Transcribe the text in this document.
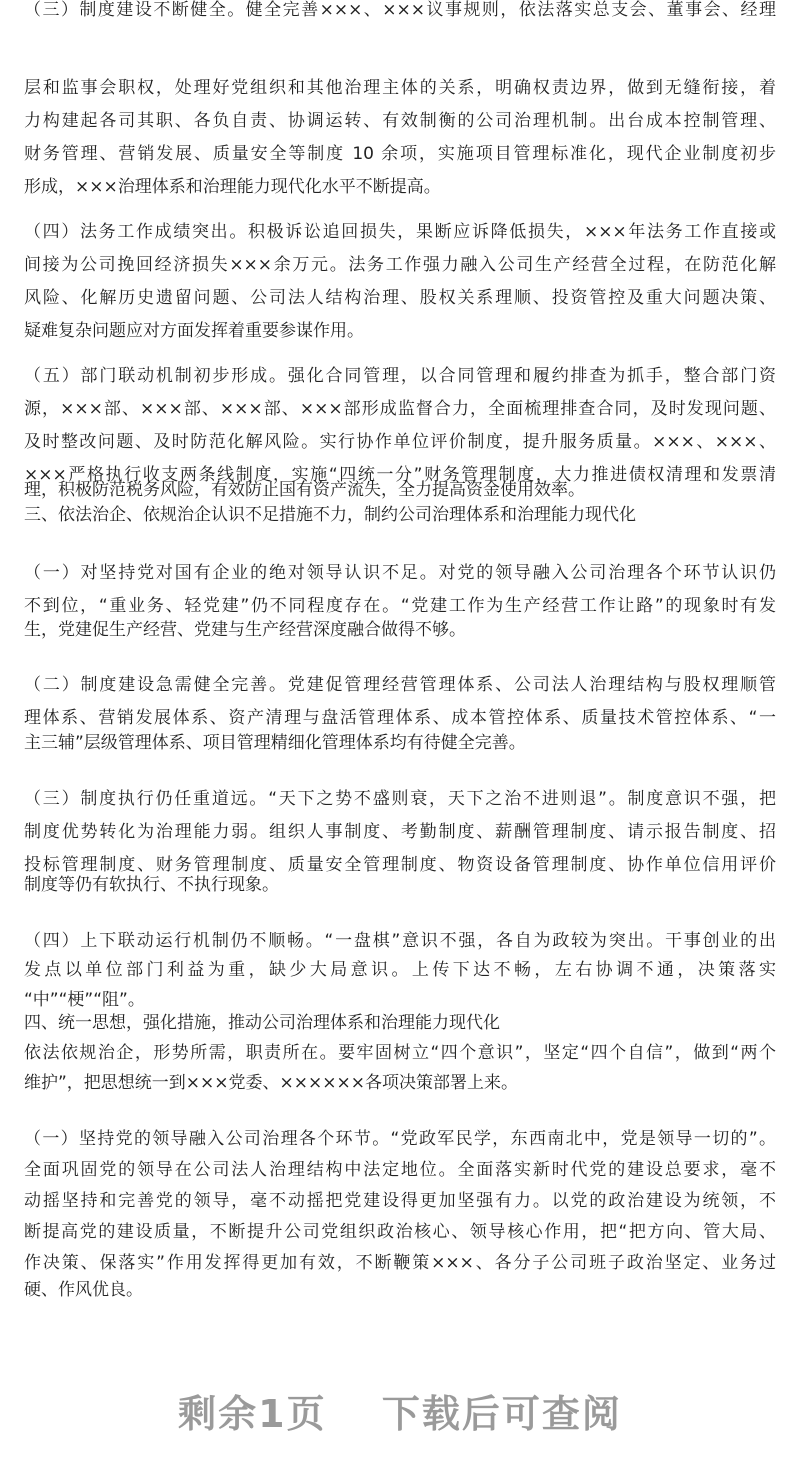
（三）制度建设不断健全。健全完善×××、×××议事规则，依法落实总支会、董事会、经理
层和监事会职权，处理好党组织和其他治理主体的关系，明确权责边界，做到无缝衔接，着
力构建起各司其职、各负自责、协调运转、有效制衡的公司治理机制。出台成本控制管理、
财务管理、营销发展、质量安全等制度 10 余项，实施项目管理标准化，现代企业制度初步
形成，×××治理体系和治理能力现代化水平不断提高。
（四）法务工作成绩突出。积极诉讼追回损失，果断应诉降低损失，×××年法务工作直接或
间接为公司挽回经济损失×××余万元。法务工作强力融入公司生产经营全过程，在防范化解
风险、化解历史遗留问题、公司法人结构治理、股权关系理顺、投资管控及重大问题决策、
疑难复杂问题应对方面发挥着重要参谋作用。
（五）部门联动机制初步形成。强化合同管理，以合同管理和履约排查为抓手，整合部门资
源，×××部、×××部、×××部、×××部形成监督合力，全面梳理排查合同，及时发现问题、
及时整改问题、及时防范化解风险。实行协作单位评价制度，提升服务质量。×××、×××、
×××严格执行收支两条线制度，实施“四统一分”财务管理制度，大力推进债权清理和发票清
理，积极防范税务风险，有效防止国有资产流失，全力提高资金使用效率。
三、依法治企、依规治企认识不足措施不力，制约公司治理体系和治理能力现代化
（一）对坚持党对国有企业的绝对领导认识不足。对党的领导融入公司治理各个环节认识仍
不到位，“重业务、轻党建”仍不同程度存在。“党建工作为生产经营工作让路”的现象时有发
生，党建促生产经营、党建与生产经营深度融合做得不够。
（二）制度建设急需健全完善。党建促管理经营管理体系、公司法人治理结构与股权理顺管
理体系、营销发展体系、资产清理与盘活管理体系、成本管控体系、质量技术管控体系、“一
主三辅”层级管理体系、项目管理精细化管理体系均有待健全完善。
（三）制度执行仍任重道远。“天下之势不盛则衰，天下之治不进则退”。制度意识不强，把
制度优势转化为治理能力弱。组织人事制度、考勤制度、薪酬管理制度、请示报告制度、招
投标管理制度、财务管理制度、质量安全管理制度、物资设备管理制度、协作单位信用评价
制度等仍有软执行、不执行现象。
（四）上下联动运行机制仍不顺畅。“一盘棋”意识不强，各自为政较为突出。干事创业的出
发点以单位部门利益为重，缺少大局意识。上传下达不畅，左右协调不通，决策落实
“中”“梗”“阻”。
四、统一思想，强化措施，推动公司治理体系和治理能力现代化
依法依规治企，形势所需，职责所在。要牢固树立“四个意识”，坚定“四个自信”，做到“两个
维护”，把思想统一到×××党委、××××××各项决策部署上来。
（一）坚持党的领导融入公司治理各个环节。“党政军民学，东西南北中，党是领导一切的”。
全面巩固党的领导在公司法人治理结构中法定地位。全面落实新时代党的建设总要求，毫不
动摇坚持和完善党的领导，毫不动摇把党建设得更加坚强有力。以党的政治建设为统领，不
断提高党的建设质量，不断提升公司党组织政治核心、领导核心作用，把“把方向、管大局、
作决策、保落实”作用发挥得更加有效，不断鞭策×××、各分子公司班子政治坚定、业务过
硬、作风优良。
剩余1页 下载后可查阅
